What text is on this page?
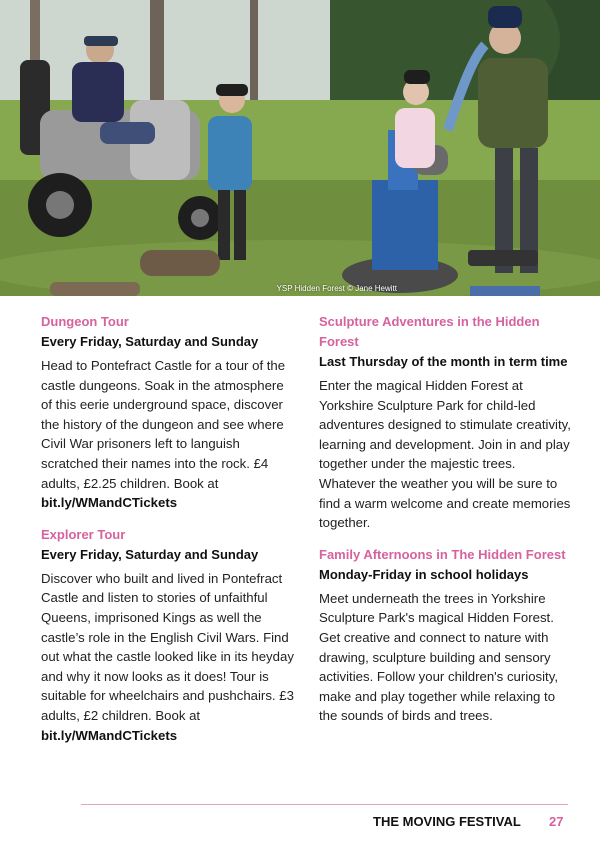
YSP Hidden Forest © Jane Hewitt

Dungeon Tour

Every Friday, Saturday and Sunday

Head to Pontefract Castle for a tour of the castle dungeons. Soak in the atmosphere of this eerie underground space, discover the history of the dungeon and see where Civil War prisoners left to languish scratched their names into the rock. £4 adults, £2.25 children. Book at bit.ly/WMandCTickets

Explorer Tour

Every Friday, Saturday and Sunday

Discover who built and lived in Pontefract Castle and listen to stories of unfaithful Queens, imprisoned Kings as well the castle’s role in the English Civil Wars. Find out what the castle looked like in its heyday and why it now looks as it does! Tour is suitable for wheelchairs and pushchairs. £3 adults, £2 children. Book at bit.ly/WMandCTickets

Sculpture Adventures in the Hidden Forest

Last Thursday of the month in term time

Enter the magical Hidden Forest at Yorkshire Sculpture Park for child-led adventures designed to stimulate creativity, learning and development. Join in and play together under the majestic trees. Whatever the weather you will be sure to find a warm welcome and create memories together.

Family Afternoons in The Hidden Forest

Monday-Friday in school holidays

Meet underneath the trees in Yorkshire Sculpture Park's magical Hidden Forest. Get creative and connect to nature with drawing, sculpture building and sensory activities. Follow your children's curiosity, make and play together while relaxing to the sounds of birds and trees.

THE MOVING FESTIVAL 27
